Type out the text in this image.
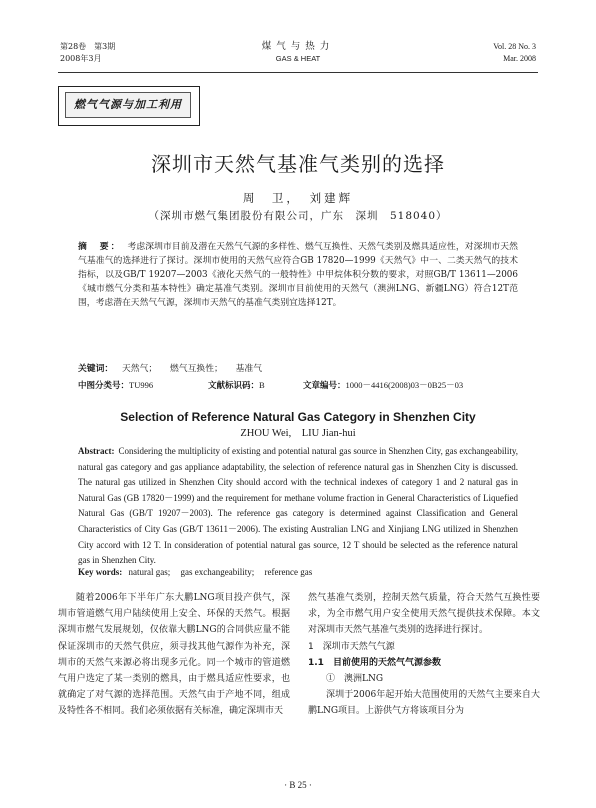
第28卷　第3期
2008年3月
煤气与热力
GAS & HEAT
Vol. 28 No. 3
Mar. 2008
燃气气源与加工利用
深圳市天然气基准气类别的选择
周　卫，　刘建辉
（深圳市燃气集团股份有限公司，广东　深圳　518040）
摘　要： 考虑深圳市目前及潜在天然气气源的多样性、燃气互换性、天然气类别及燃具适应性，对深圳市天然气基准气的选择进行了探讨。深圳市使用的天然气应符合GB 17820—1999《天然气》中一、二类天然气的技术指标，以及GB/T 19207—2003《液化天然气的一般特性》中甲烷体积分数的要求，对照GB/T 13611—2006《城市燃气分类和基本特性》确定基准气类别。深圳市目前使用的天然气（澳洲LNG、新疆LNG）符合12T范围，考虑潜在天然气气源，深圳市天然气的基准气类别宜选择12T。
关键词： 天然气； 燃气互换性； 基准气
中图分类号：TU996	文献标识码：B	文章编号：1000－4416(2008)03－0B25－03
Selection of Reference Natural Gas Category in Shenzhen City
ZHOU Wei,　LIU Jian-hui
Abstract: Considering the multiplicity of existing and potential natural gas source in Shenzhen City, gas exchangeability, natural gas category and gas appliance adaptability, the selection of reference natural gas in Shenzhen City is discussed. The natural gas utilized in Shenzhen City should accord with the technical indexes of category 1 and 2 natural gas in Natural Gas (GB 17820－1999) and the requirement for methane volume fraction in General Characteristics of Liquefied Natural Gas (GB/T 19207－2003). The reference gas category is determined against Classification and General Characteristics of City Gas (GB/T 13611－2006). The existing Australian LNG and Xinjiang LNG utilized in Shenzhen City accord with 12 T. In consideration of potential natural gas source, 12 T should be selected as the reference natural gas in Shenzhen City.
Key words: natural gas; gas exchangeability; reference gas

随着2006年下半年广东大鹏LNG项目投产供气，深圳市管道燃气用户陆续使用上安全、环保的天然气。根据深圳市燃气发展规划，仅依靠大鹏LNG的合同供应量不能保证深圳市的天然气供应，须寻找其他气源作为补充，深圳市的天然气来源必将出现多元化。同一个城市的管道燃气用户选定了某一类别的燃具，由于燃具适应性要求，也就确定了对气源的选择范围。天然气由于产地不同，组成及特性各不相同。我们必须依据有关标准，确定深圳市天

然气基准气类别，控制天然气质量，符合天然气互换性要求，为全市燃气用户安全使用天然气提供技术保障。本文对深圳市天然气基准气类别的选择进行探讨。

1　深圳市天然气气源
1.1　目前使用的天然气气源参数
①　澳洲LNG

深圳于2006年起开始大范围使用的天然气主要来自大鹏LNG项目。上游供气方将该项目分为

· B 25 ·
